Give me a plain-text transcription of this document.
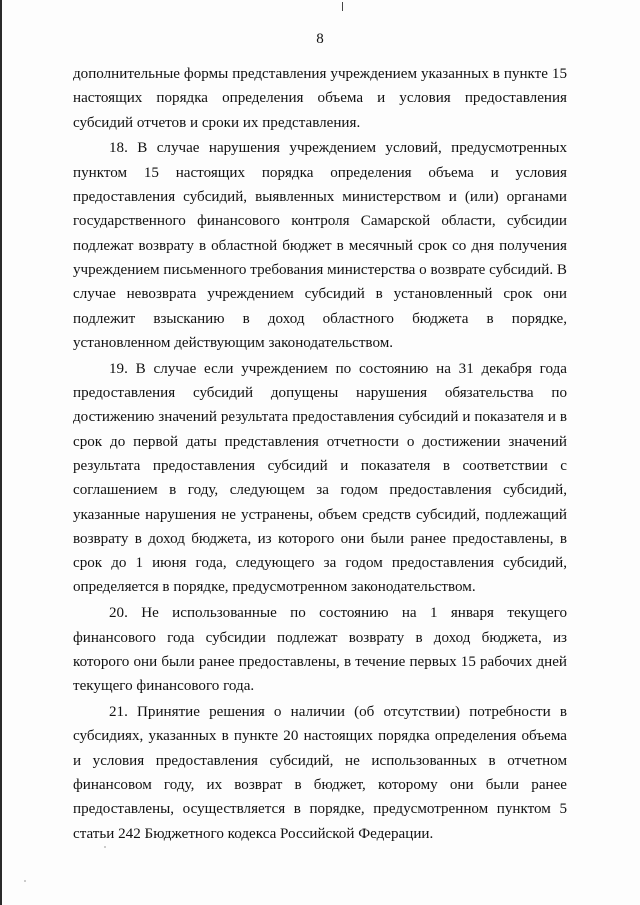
8

дополнительные формы представления учреждением указанных в пункте 15 настоящих порядка определения объема и условия предоставления субсидий отчетов и сроки их представления.

18. В случае нарушения учреждением условий, предусмотренных пунктом 15 настоящих порядка определения объема и условия предоставления субсидий, выявленных министерством и (или) органами государственного финансового контроля Самарской области, субсидии подлежат возврату в областной бюджет в месячный срок со дня получения учреждением письменного требования министерства о возврате субсидий. В случае невозврата учреждением субсидий в установленный срок они подлежит взысканию в доход областного бюджета в порядке, установленном действующим законодательством.

19. В случае если учреждением по состоянию на 31 декабря года предоставления субсидий допущены нарушения обязательства по достижению значений результата предоставления субсидий и показателя и в срок до первой даты представления отчетности о достижении значений результата предоставления субсидий и показателя в соответствии с соглашением в году, следующем за годом предоставления субсидий, указанные нарушения не устранены, объем средств субсидий, подлежащий возврату в доход бюджета, из которого они были ранее предоставлены, в срок до 1 июня года, следующего за годом предоставления субсидий, определяется в порядке, предусмотренном законодательством.

20. Не использованные по состоянию на 1 января текущего финансового года субсидии подлежат возврату в доход бюджета, из которого они были ранее предоставлены, в течение первых 15 рабочих дней текущего финансового года.

21. Принятие решения о наличии (об отсутствии) потребности в субсидиях, указанных в пункте 20 настоящих порядка определения объема и условия предоставления субсидий, не использованных в отчетном финансовом году, их возврат в бюджет, которому они были ранее предоставлены, осуществляется в порядке, предусмотренном пунктом 5 статьи 242 Бюджетного кодекса Российской Федерации.
